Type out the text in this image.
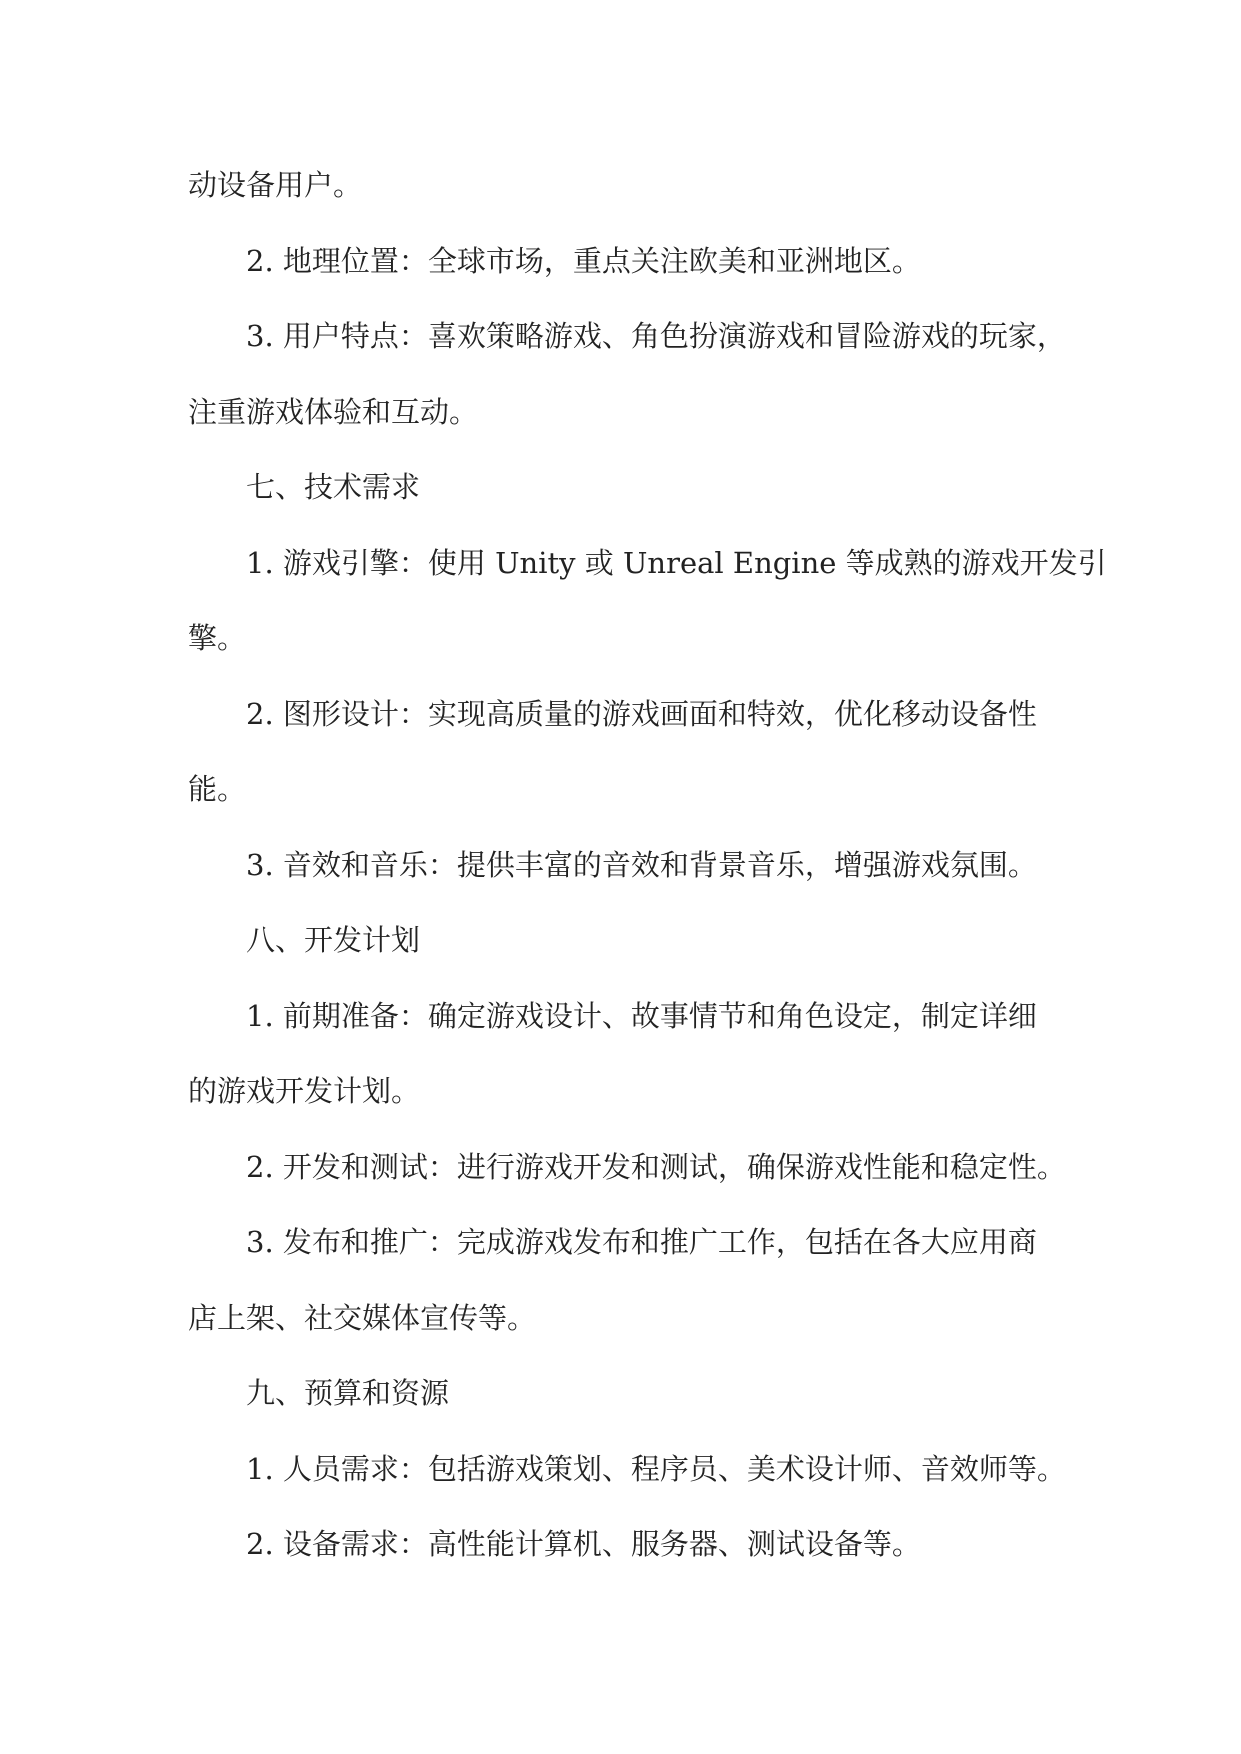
动设备用户。
2. 地理位置：全球市场，重点关注欧美和亚洲地区。
3. 用户特点：喜欢策略游戏、角色扮演游戏和冒险游戏的玩家，
注重游戏体验和互动。
七、技术需求
1. 游戏引擎：使用 Unity 或 Unreal Engine 等成熟的游戏开发引
擎。
2. 图形设计：实现高质量的游戏画面和特效，优化移动设备性
能。
3. 音效和音乐：提供丰富的音效和背景音乐，增强游戏氛围。
八、开发计划
1. 前期准备：确定游戏设计、故事情节和角色设定，制定详细
的游戏开发计划。
2. 开发和测试：进行游戏开发和测试，确保游戏性能和稳定性。
3. 发布和推广：完成游戏发布和推广工作，包括在各大应用商
店上架、社交媒体宣传等。
九、预算和资源
1. 人员需求：包括游戏策划、程序员、美术设计师、音效师等。
2. 设备需求：高性能计算机、服务器、测试设备等。
